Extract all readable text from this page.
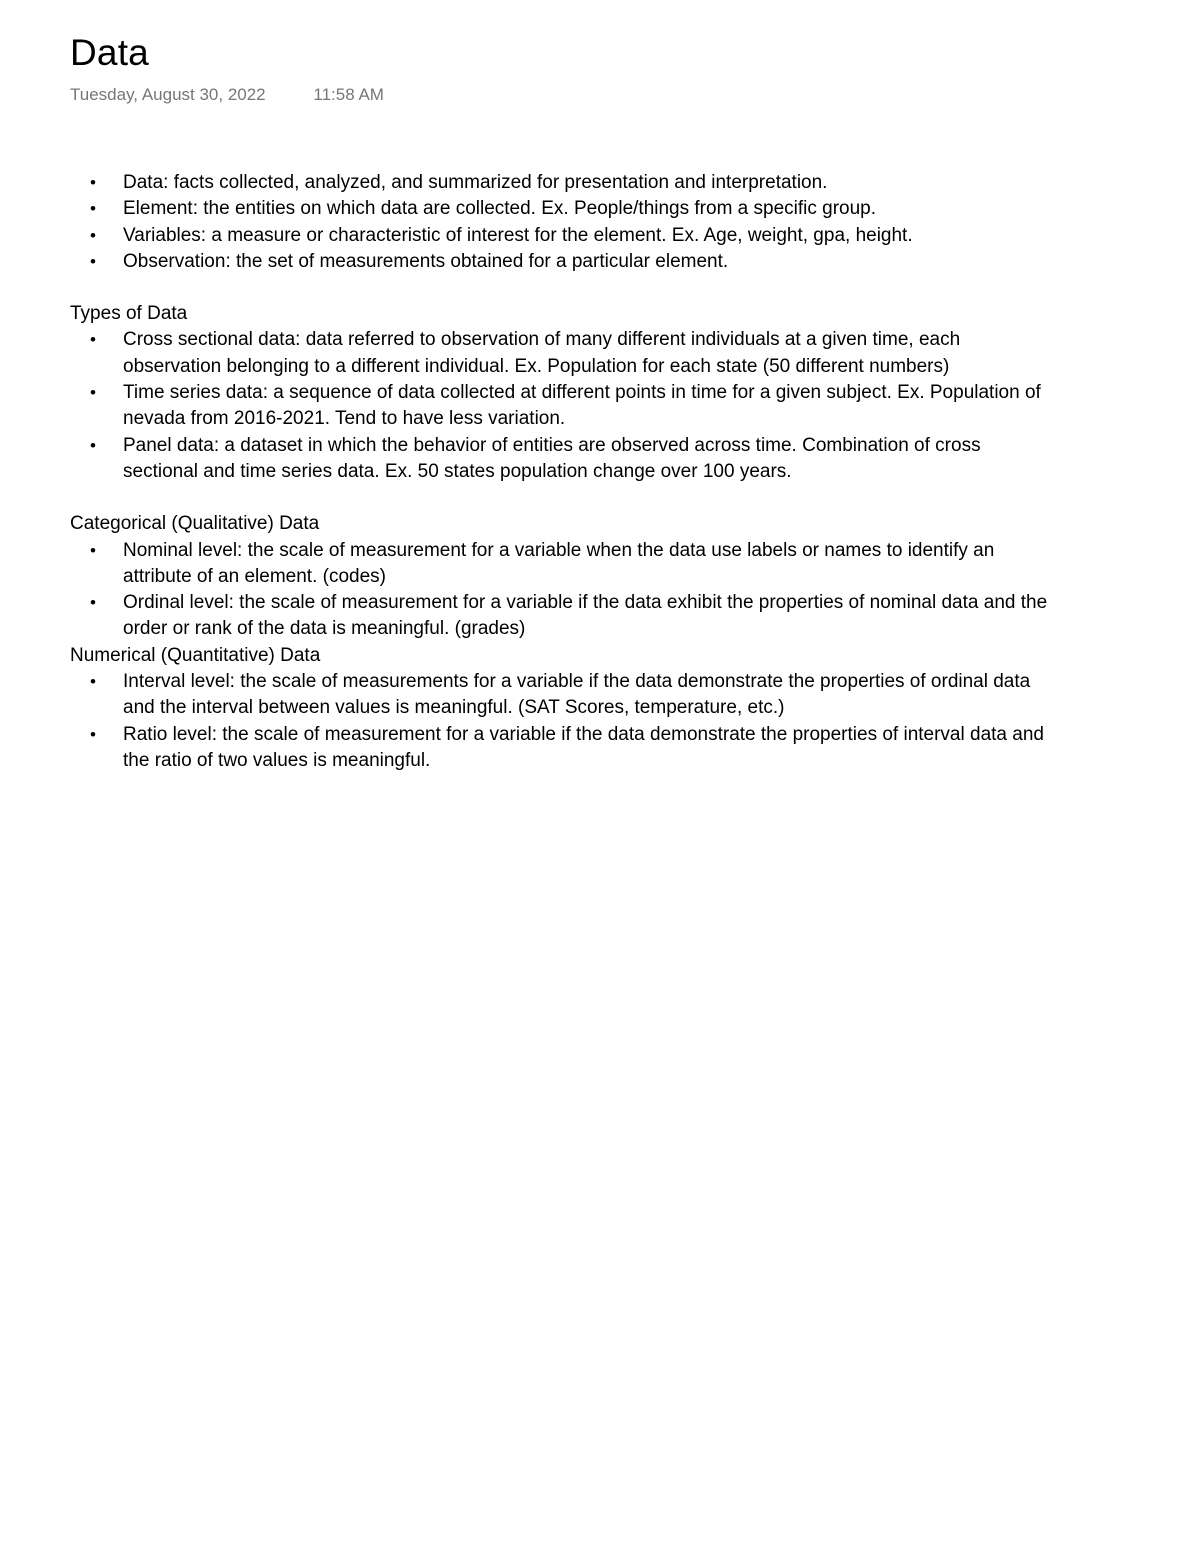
Data
Tuesday, August 30, 2022	11:58 AM
• Data: facts collected, analyzed, and summarized for presentation and interpretation.
• Element: the entities on which data are collected. Ex. People/things from a specific group.
• Variables: a measure or characteristic of interest for the element. Ex. Age, weight, gpa, height.
• Observation: the set of measurements obtained for a particular element.

Types of Data

• Cross sectional data: data referred to observation of many different individuals at a given time, each observation belonging to a different individual. Ex. Population for each state (50 different numbers)
• Time series data: a sequence of data collected at different points in time for a given subject. Ex. Population of nevada from 2016-2021. Tend to have less variation.
• Panel data: a dataset in which the behavior of entities are observed across time. Combination of cross sectional and time series data. Ex. 50 states population change over 100 years.

Categorical (Qualitative) Data

• Nominal level: the scale of measurement for a variable when the data use labels or names to identify an attribute of an element. (codes)
• Ordinal level: the scale of measurement for a variable if the data exhibit the properties of nominal data and the order or rank of the data is meaningful. (grades)

Numerical (Quantitative) Data

• Interval level: the scale of measurements for a variable if the data demonstrate the properties of ordinal data and the interval between values is meaningful. (SAT Scores, temperature, etc.)
• Ratio level: the scale of measurement for a variable if the data demonstrate the properties of interval data and the ratio of two values is meaningful.
